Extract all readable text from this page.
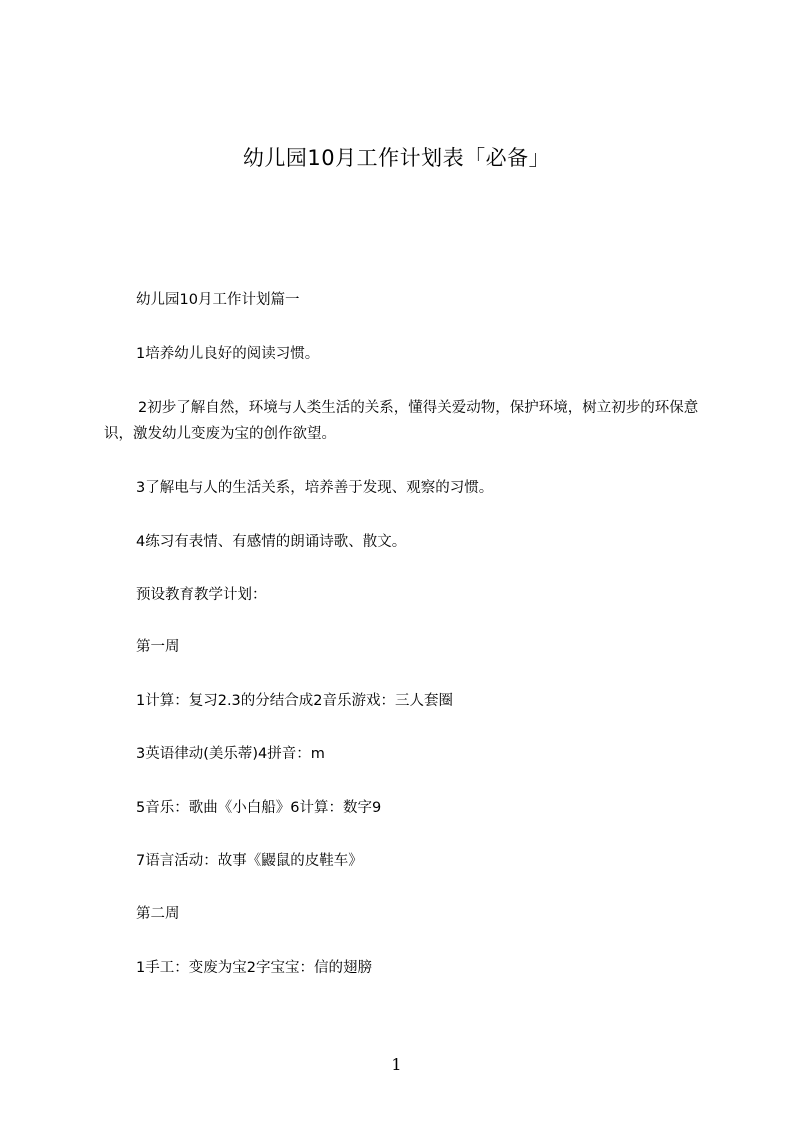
幼儿园10月工作计划表「必备」
幼儿园10月工作计划篇一
1培养幼儿良好的阅读习惯。
2初步了解自然，环境与人类生活的关系，懂得关爱动物，保护环境，树立初步的环保意识，激发幼儿变废为宝的创作欲望。
3了解电与人的生活关系，培养善于发现、观察的习惯。
4练习有表情、有感情的朗诵诗歌、散文。
预设教育教学计划：
第一周
1计算：复习2.3的分结合成2音乐游戏：三人套圈
3英语律动(美乐蒂)4拼音：m
5音乐：歌曲《小白船》6计算：数字9
7语言活动：故事《鼹鼠的皮鞋车》
第二周
1手工：变废为宝2字宝宝：信的翅膀
1
